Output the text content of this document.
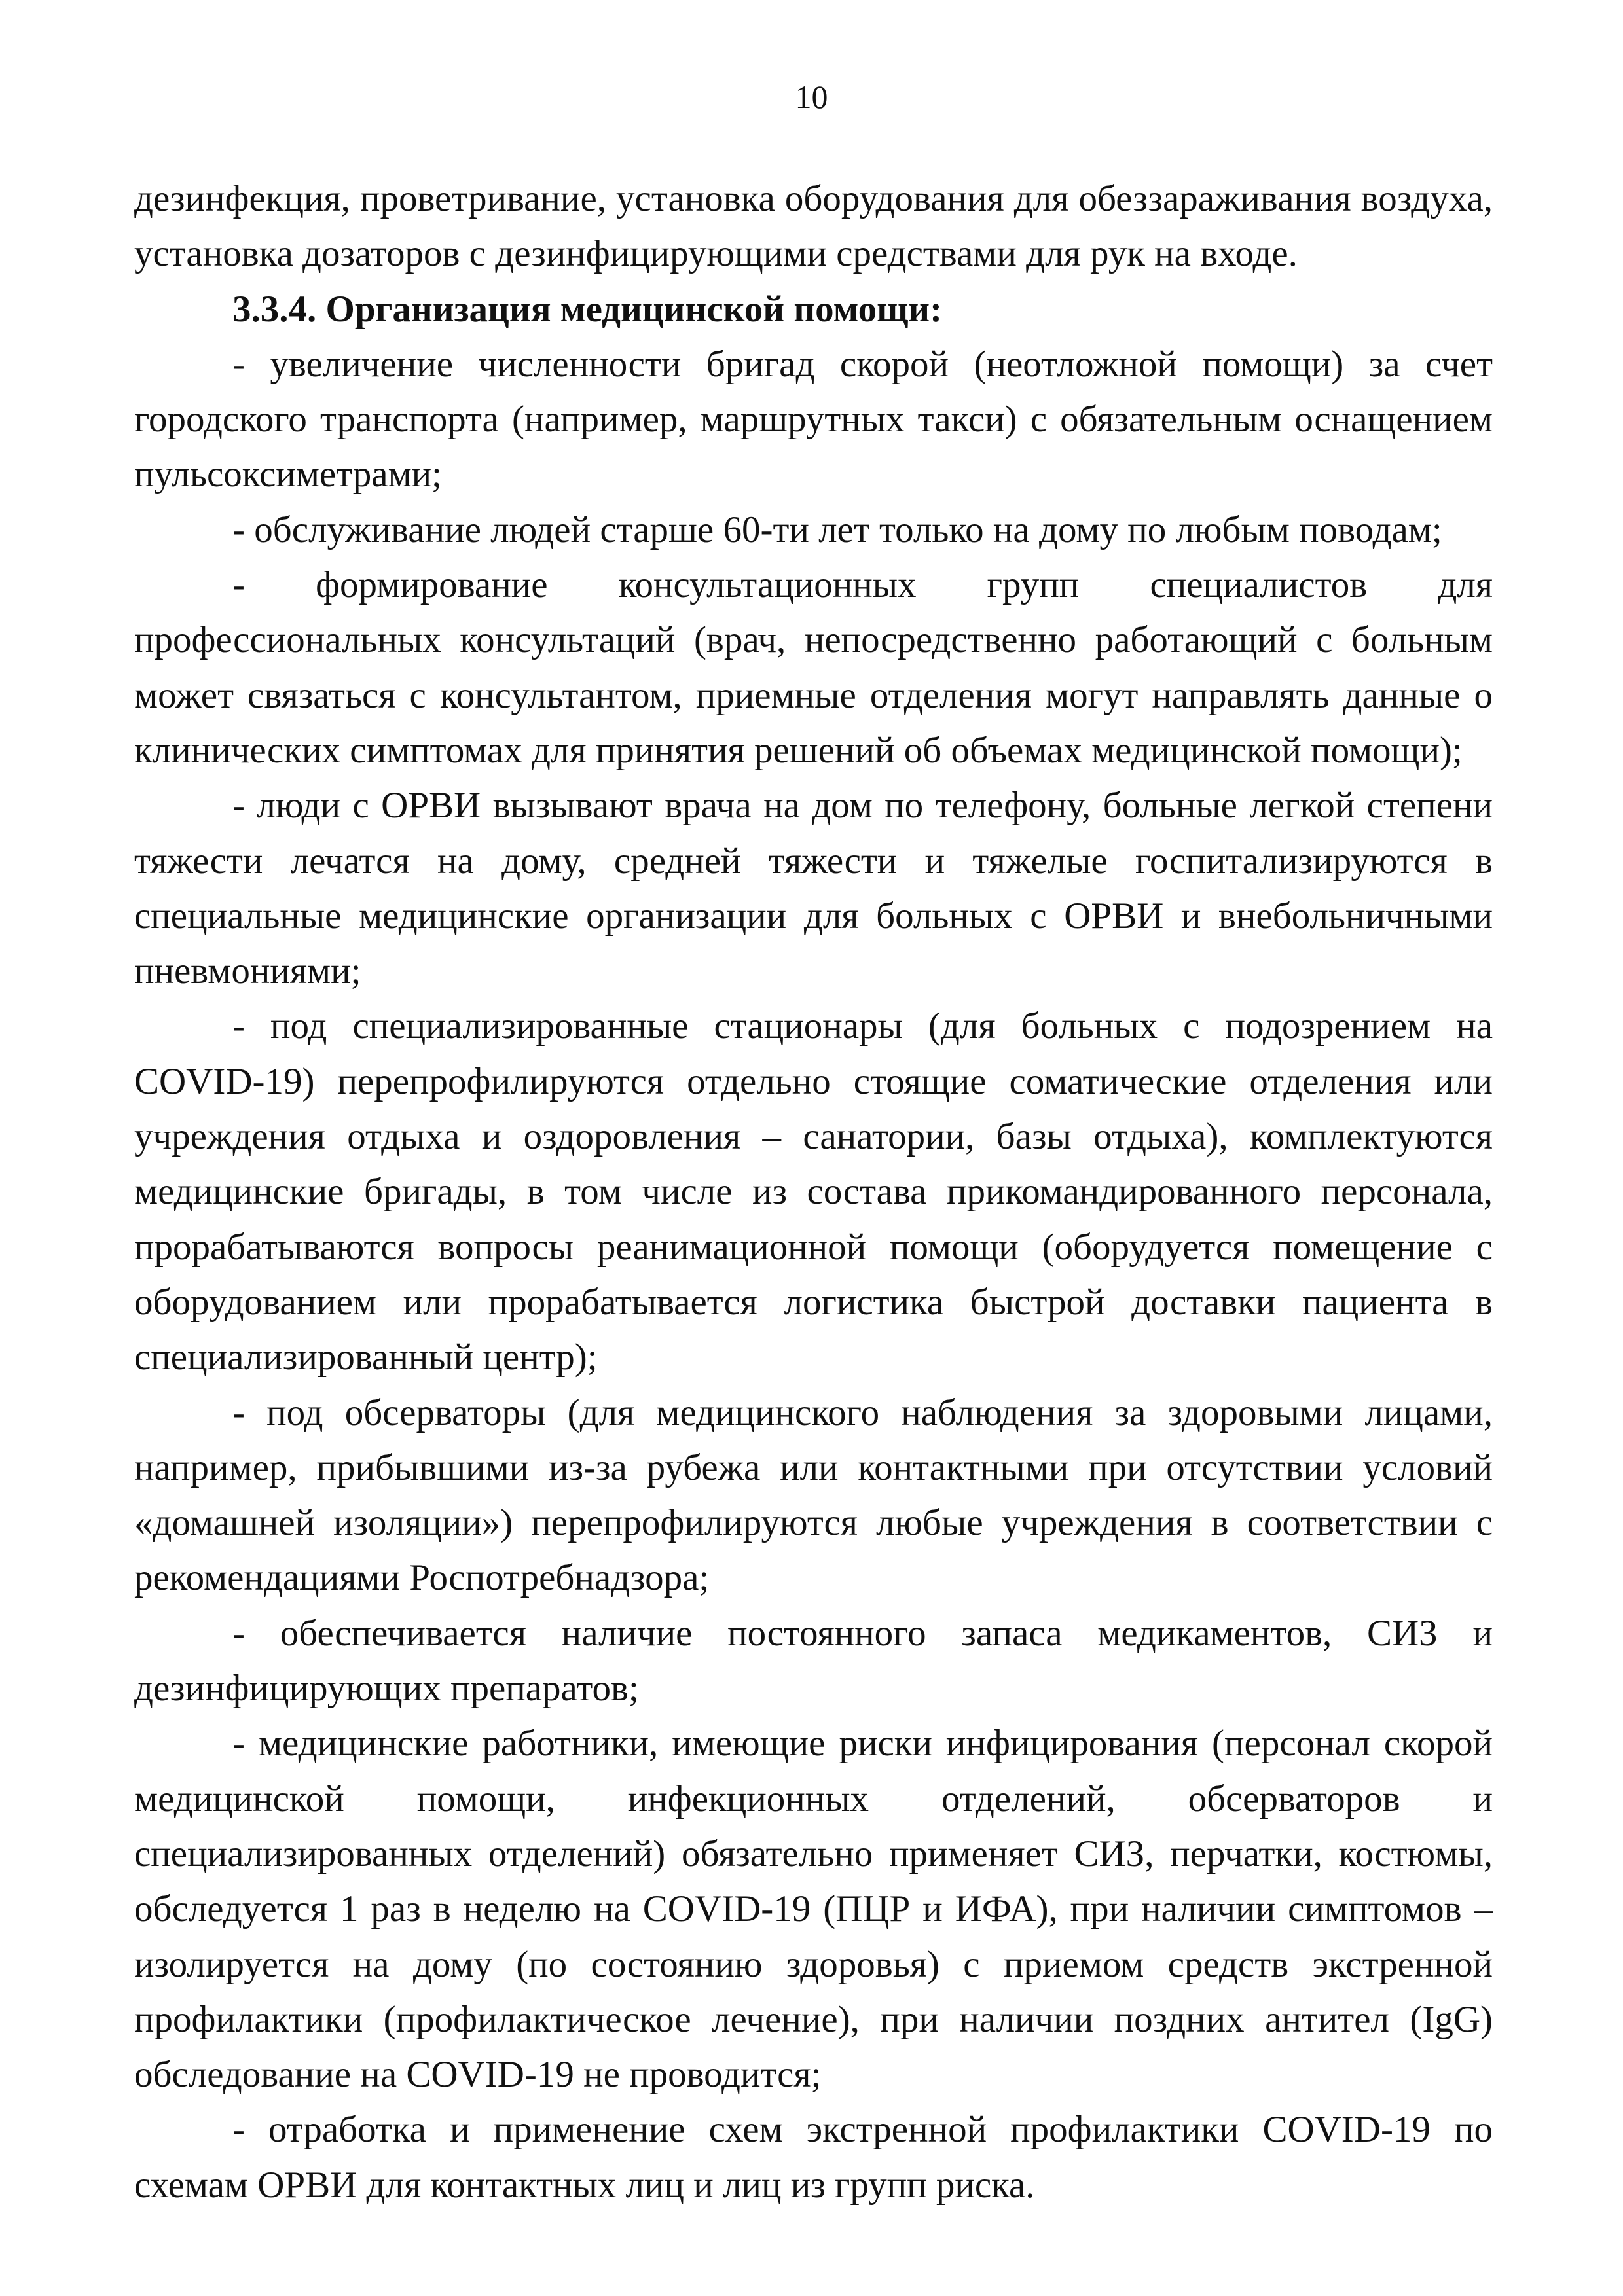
10

дезинфекция, проветривание, установка оборудования для обеззараживания воздуха, установка дозаторов с дезинфицирующими средствами для рук на входе.

3.3.4. Организация медицинской помощи:

- увеличение численности бригад скорой (неотложной помощи) за счет городского транспорта (например, маршрутных такси) с обязательным оснащением пульсоксиметрами;

- обслуживание людей старше 60-ти лет только на дому по любым поводам;

- формирование консультационных групп специалистов для профессиональных консультаций (врач, непосредственно работающий с больным может связаться с консультантом, приемные отделения могут направлять данные о клинических симптомах для принятия решений об объемах медицинской помощи);

- люди с ОРВИ вызывают врача на дом по телефону, больные легкой степени тяжести лечатся на дому, средней тяжести и тяжелые госпитализируются в специальные медицинские организации для больных с ОРВИ и внебольничными пневмониями;

- под специализированные стационары (для больных с подозрением на COVID-19) перепрофилируются отдельно стоящие соматические отделения или учреждения отдыха и оздоровления – санатории, базы отдыха), комплектуются медицинские бригады, в том числе из состава прикомандированного персонала, прорабатываются вопросы реанимационной помощи (оборудуется помещение с оборудованием или прорабатывается логистика быстрой доставки пациента в специализированный центр);

- под обсерваторы (для медицинского наблюдения за здоровыми лицами, например, прибывшими из-за рубежа или контактными при отсутствии условий «домашней изоляции») перепрофилируются любые учреждения в соответствии с рекомендациями Роспотребнадзора;

- обеспечивается наличие постоянного запаса медикаментов, СИЗ и дезинфицирующих препаратов;

- медицинские работники, имеющие риски инфицирования (персонал скорой медицинской помощи, инфекционных отделений, обсерваторов и специализированных отделений) обязательно применяет СИЗ, перчатки, костюмы, обследуется 1 раз в неделю на COVID-19 (ПЦР и ИФА), при наличии симптомов – изолируется на дому (по состоянию здоровья) с приемом средств экстренной профилактики (профилактическое лечение), при наличии поздних антител (IgG) обследование на COVID-19 не проводится;

- отработка и применение схем экстренной профилактики COVID-19 по схемам ОРВИ для контактных лиц и лиц из групп риска.
